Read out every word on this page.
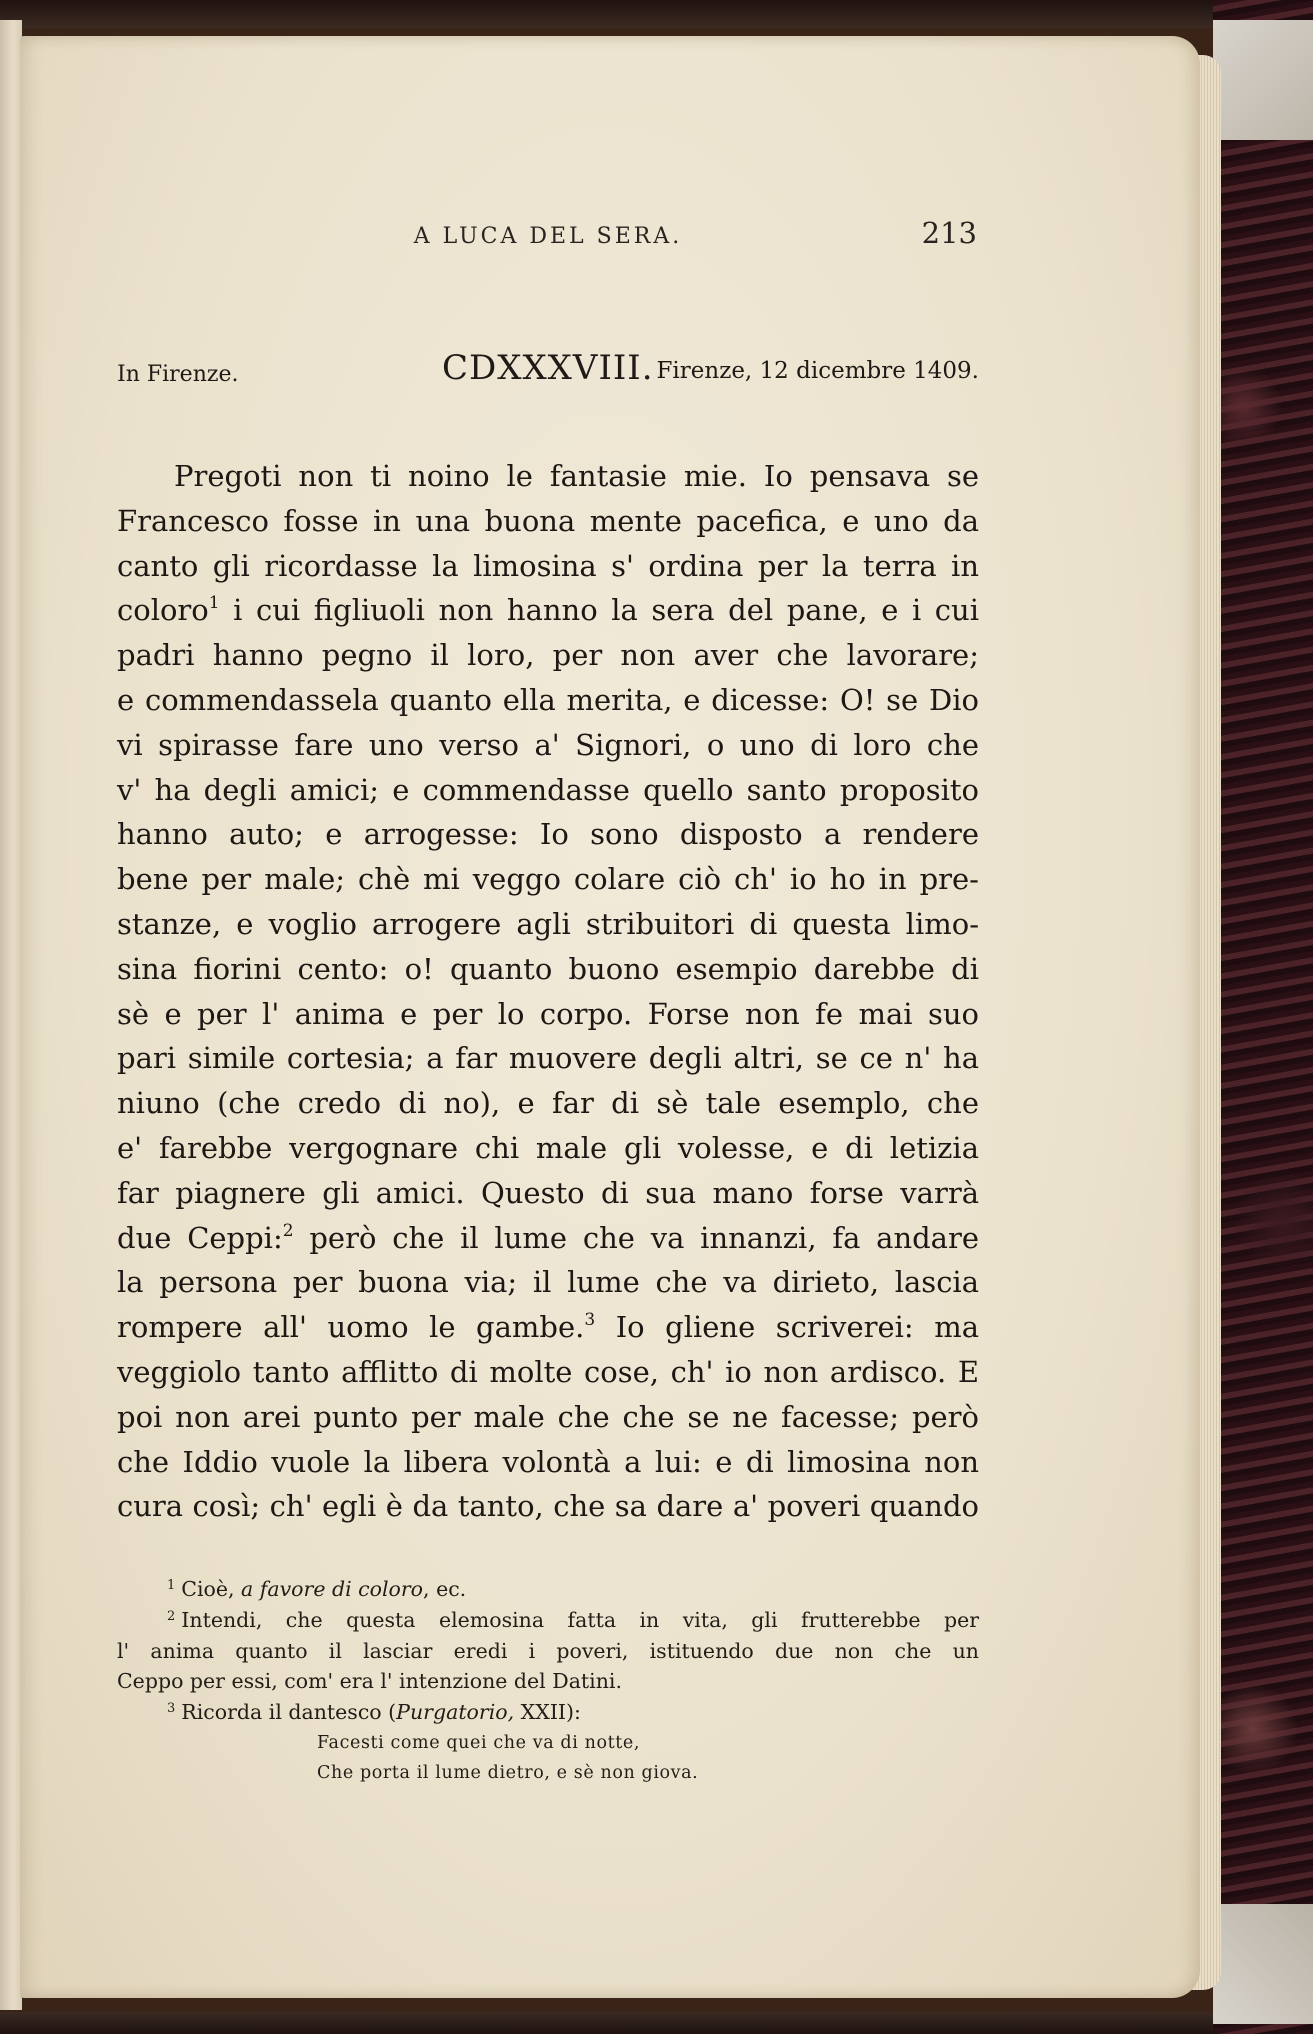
A LUCA DEL SERA.	213
In Firenze.	CDXXXVIII. Firenze, 12 dicembre 1409.
Pregoti non ti noino le fantasie mie. Io pensava se
Francesco fosse in una buona mente pacefica, e uno da
canto gli ricordasse la limosina s' ordina per la terra in
coloro$^1$ i cui figliuoli non hanno la sera del pane, e i cui
padri hanno pegno il loro, per non aver che lavorare;
e commendassela quanto ella merita, e dicesse: O! se Dio
vi spirasse fare uno verso a' Signori, o uno di loro che
v' ha degli amici; e commendasse quello santo proposito
hanno auto; e arrogesse: Io sono disposto a rendere
bene per male; chè mi veggo colare ciò ch' io ho in pre-
stanze, e voglio arrogere agli stribuitori di questa limo-
sina fiorini cento: o! quanto buono esempio darebbe di
sè e per l' anima e per lo corpo. Forse non fe mai suo
pari simile cortesia; a far muovere degli altri, se ce n' ha
niuno (che credo di no), e far di sè tale esemplo, che
e' farebbe vergognare chi male gli volesse, e di letizia
far piagnere gli amici. Questo di sua mano forse varrà
due Ceppi:$^2$ però che il lume che va innanzi, fa andare
la persona per buona via; il lume che va dirieto, lascia
rompere all' uomo le gambe.$^3$ Io gliene scriverei: ma
veggiolo tanto afflitto di molte cose, ch' io non ardisco. E
poi non arei punto per male che che se ne facesse; però
che Iddio vuole la libera volontà a lui: e di limosina non
cura così; ch' egli è da tanto, che sa dare a' poveri quando
$^1$ Cioè, a favore di coloro, ec.
$^2$ Intendi, che questa elemosina fatta in vita, gli frutterebbe per
l' anima quanto il lasciar eredi i poveri, istituendo due non che un
Ceppo per essi, com' era l' intenzione del Datini.
$^3$ Ricorda il dantesco (Purgatorio, XXII):
Facesti come quei che va di notte,
Che porta il lume dietro, e sè non giova.
